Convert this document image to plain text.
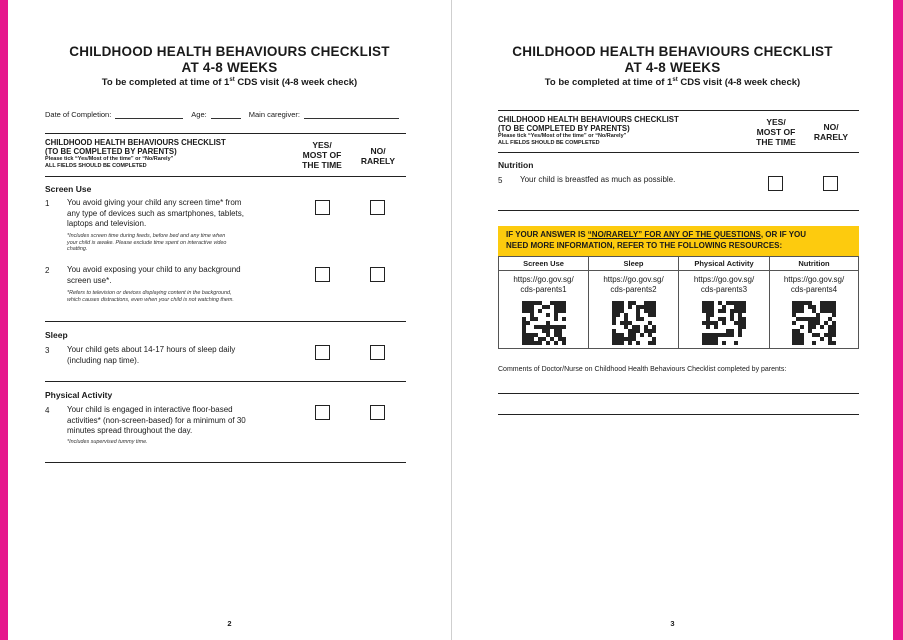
CHILDHOOD HEALTH BEHAVIOURS CHECKLIST
AT 4-8 WEEKS
To be completed at time of 1st CDS visit (4-8 week check)
Date of Completion:	Age:	Main caregiver:
CHILDHOOD HEALTH BEHAVIOURS CHECKLIST
(TO BE COMPLETED BY PARENTS)
Please tick “Yes/Most of the time” or “No/Rarely”
ALL FIELDS SHOULD BE COMPLETED
YES/
MOST OF
THE TIME
NO/
RARELY
Screen Use
1 You avoid giving your child any screen time* from
any type of devices such as smartphones, tablets,
laptops and television.
*Includes screen time during feeds, before bed and any time when
your child is awake. Please exclude time spent on interactive video
chatting.
2 You avoid exposing your child to any background
screen use*.
*Refers to television or devices displaying content in the background,
which causes distractions, even when your child is not watching them.
Sleep
3 Your child gets about 14-17 hours of sleep daily
(including nap time).
Physical Activity
4 Your child is engaged in interactive floor-based
activities* (non-screen-based) for a minimum of 30
minutes spread throughout the day.
*Includes supervised tummy time.
2
CHILDHOOD HEALTH BEHAVIOURS CHECKLIST
AT 4-8 WEEKS
To be completed at time of 1st CDS visit (4-8 week check)
CHILDHOOD HEALTH BEHAVIOURS CHECKLIST
(TO BE COMPLETED BY PARENTS)
Please tick “Yes/Most of the time” or “No/Rarely”
ALL FIELDS SHOULD BE COMPLETED
YES/
MOST OF
THE TIME
NO/
RARELY
Nutrition
5 Your child is breastfed as much as possible.
IF YOUR ANSWER IS “NO/RARELY” FOR ANY OF THE QUESTIONS, OR IF YOU
NEED MORE INFORMATION, REFER TO THE FOLLOWING RESOURCES:
Screen Use
https://go.gov.sg/
cds-parents1
Sleep
https://go.gov.sg/
cds-parents2
Physical Activity
https://go.gov.sg/
cds-parents3
Nutrition
https://go.gov.sg/
cds-parents4
Comments of Doctor/Nurse on Childhood Health Behaviours Checklist completed by parents:
3
